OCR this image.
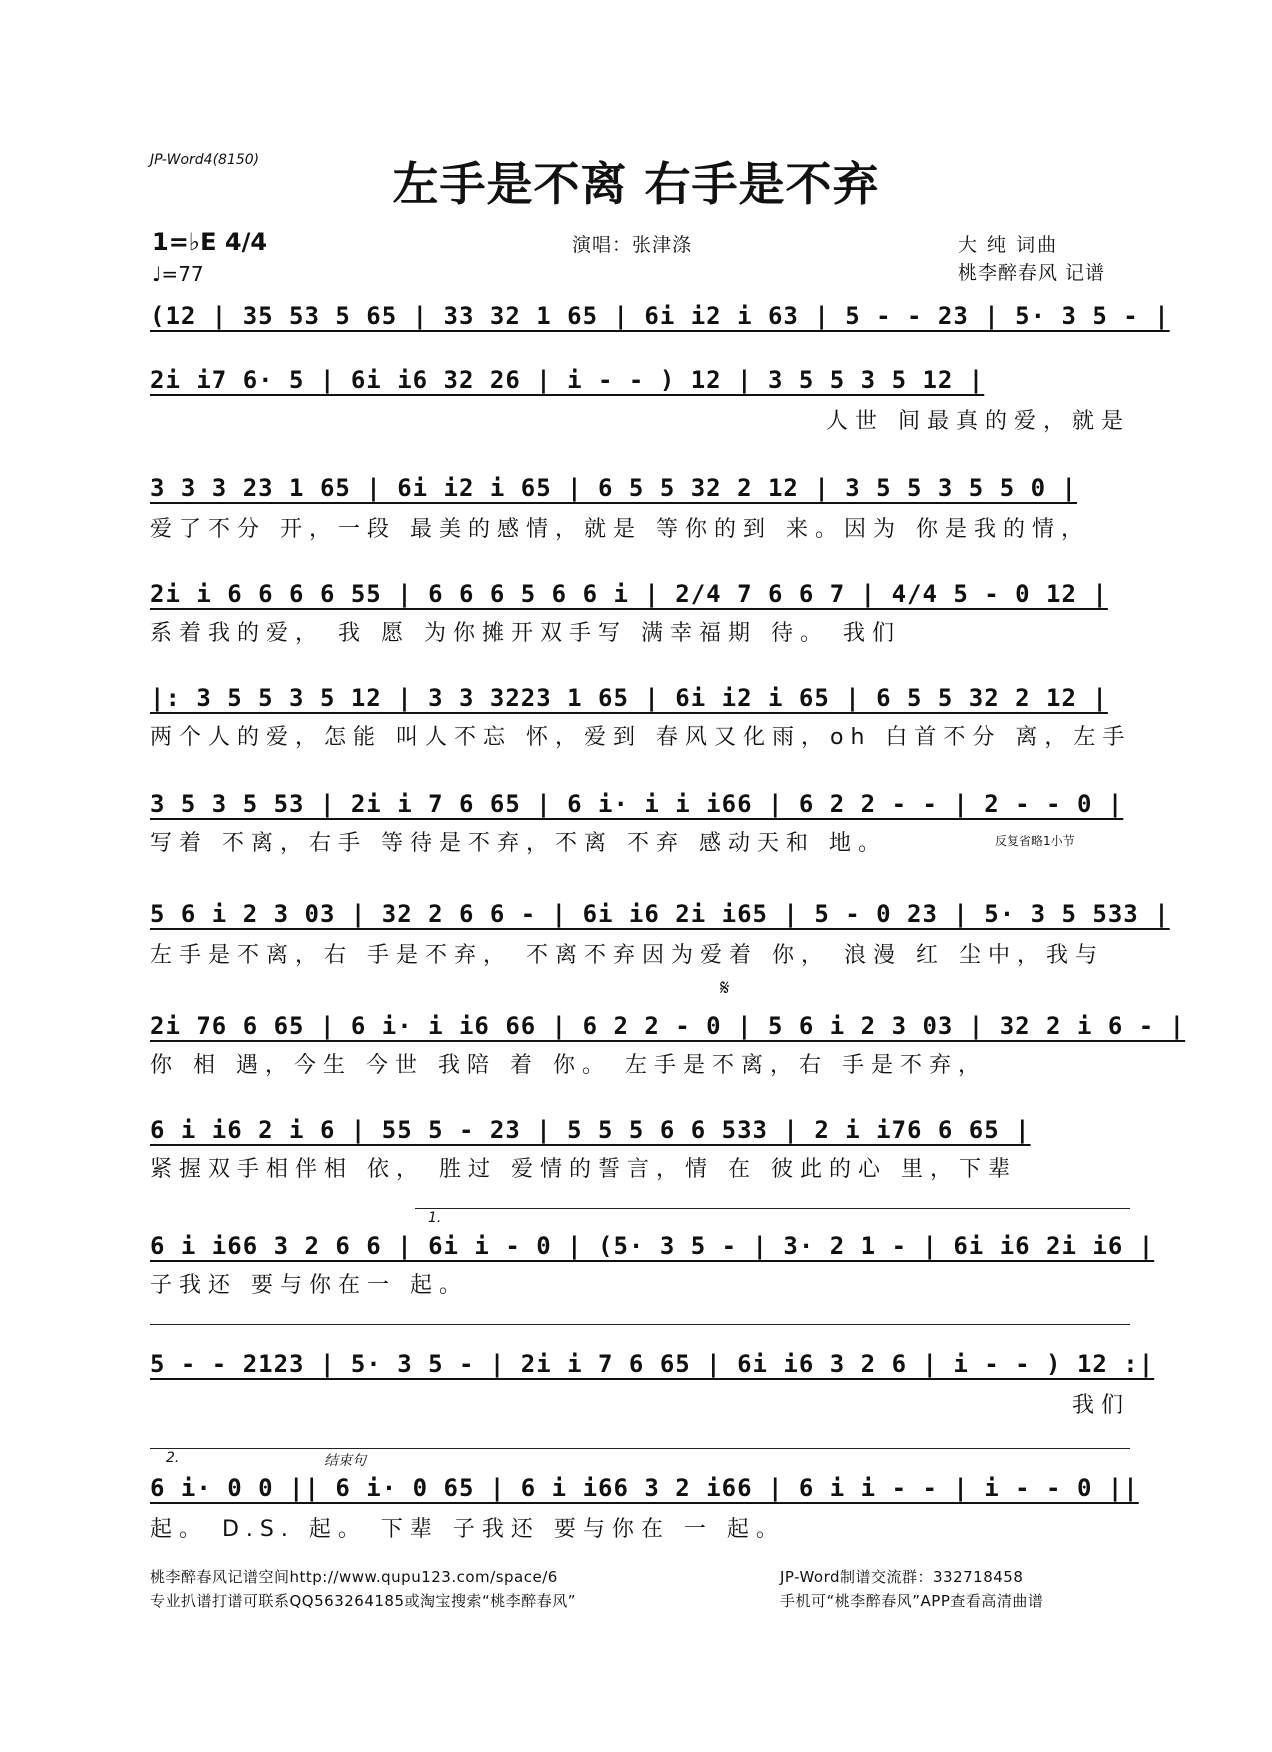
JP-Word4(8150)	左手是不离 右手是不弃
1=♭E 4/4
♩=77
演唱：张津涤	大 纯 词曲
桃李醉春风 记谱
(12 | 35 53 5 65 | 33 32 1 65 | 6i i2 i 63 | 5 - - 23 | 5· 3 5 - |
人世 间最真的爱，就是
2i i7 6· 5 | 6i i6 32 26 | i - - ) 12 | 3 5 5 3 5 12 |
3 3 3 23 1 65 | 6i i2 i 65 | 6 5 5 32 2 12 | 3 5 5 3 5 5 0 |
爱了不分 开，一段 最美的感情，就是 等你的到 来。因为 你是我的情，
2i i 6 6 6 6 55 | 6 6 6 5 6 6 i | 2/4 7 6 6 7 | 4/4 5 - 0 12 |
系着我的爱， 我 愿 为你摊开双手写 满幸福期 待。 我们
|: 3 5 5 3 5 12 | 3 3 3223 1 65 | 6i i2 i 65 | 6 5 5 32 2 12 |
两个人的爱，怎能 叫人不忘 怀，爱到 春风又化雨，oh 白首不分 离，左手
3 5 3 5 53 | 2i i 7 6 65 | 6 i· i i i66 | 6 2 2 - - | 2 - - 0 |
写着 不离，右手 等待是不弃，不离 不弃 感动天和 地。	反复省略1小节
5 6 i 2 3 03 | 32 2 6 6 - | 6i i6 2i i65 | 5 - 0 23 | 5· 3 5 533 |
左手是不离，右 手是不弃， 不离不弃因为爱着 你， 浪漫 红 尘中，我与
𝄋
2i 76 6 65 | 6 i· i i6 66 | 6 2 2 - 0 | 5 6 i 2 3 03 | 32 2 i 6 - |
你 相 遇，今生 今世 我陪 着 你。 左手是不离，右 手是不弃，
6 i i6 2 i 6 | 55 5 - 23 | 5 5 5 6 6 533 | 2 i i76 6 65 |
紧握双手相伴相 依， 胜过 爱情的誓言，情 在 彼此的心 里，下辈
1.
6 i i66 3 2 6 6 | 6i i - 0 | (5· 3 5 - | 3· 2 1 - | 6i i6 2i i6 |
子我还 要与你在一 起。
5 - - 2123 | 5· 3 5 - | 2i i 7 6 65 | 6i i6 3 2 6 | i - - ) 12 :|
我们
2.	结束句
6 i· 0 0 || 6 i· 0 65 | 6 i i66 3 2 i66 | 6 i i - - | i - - 0 ||
起。 D.S. 起。 下辈 子我还 要与你在 一 起。
桃李醉春风记谱空间http://www.qupu123.com/space/6
专业扒谱打谱可联系QQ563264185或淘宝搜索“桃李醉春风”
JP-Word制谱交流群：332718458
手机可“桃李醉春风”APP查看高清曲谱
